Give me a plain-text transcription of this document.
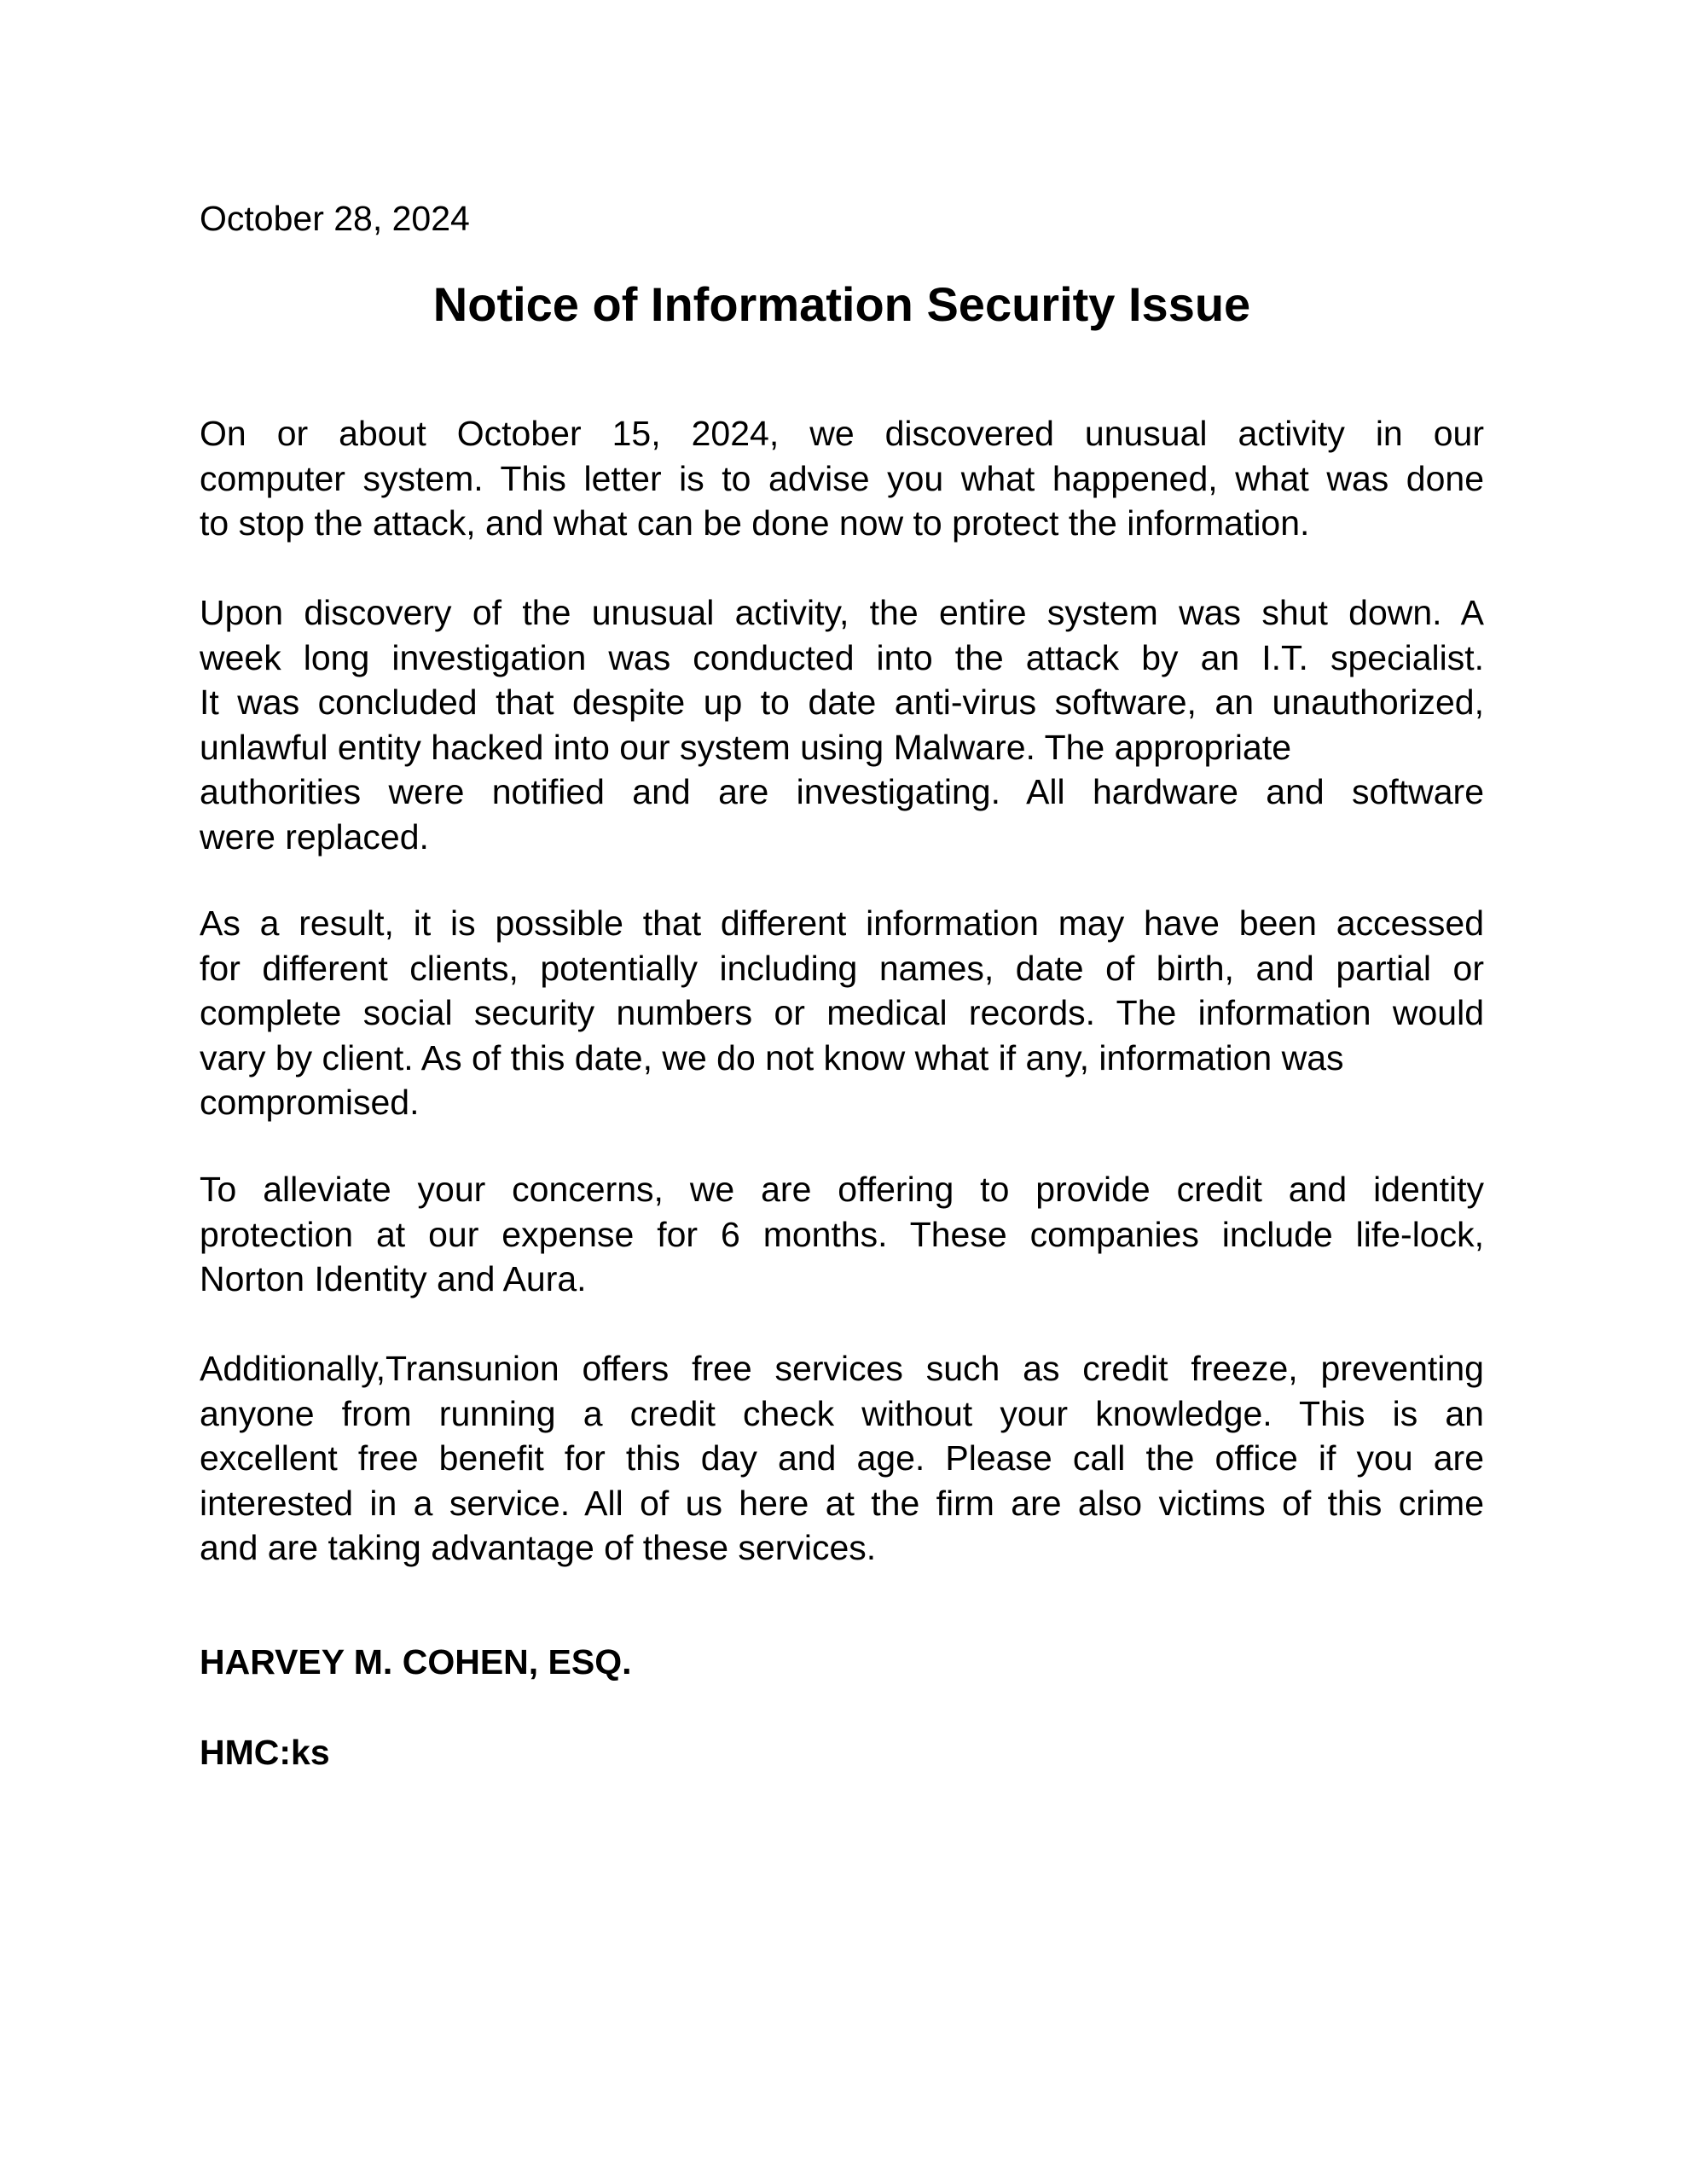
October 28, 2024
Notice of Information Security Issue
On or about October 15, 2024, we discovered unusual activity in our
computer system. This letter is to advise you what happened, what was done
to stop the attack, and what can be done now to protect the information.
Upon discovery of the unusual activity, the entire system was shut down. A
week long investigation was conducted into the attack by an I.T. specialist.
It was concluded that despite up to date anti-virus software, an unauthorized,
unlawful entity hacked into our system using Malware. The appropriate
authorities were notified and are investigating. All hardware and software
were replaced.
As a result, it is possible that different information may have been accessed
for different clients, potentially including names, date of birth, and partial or
complete social security numbers or medical records. The information would
vary by client. As of this date, we do not know what if any, information was
compromised.
To alleviate your concerns, we are offering to provide credit and identity
protection at our expense for 6 months. These companies include life-lock,
Norton Identity and Aura.
Additionally,Transunion offers free services such as credit freeze, preventing
anyone from running a credit check without your knowledge. This is an
excellent free benefit for this day and age. Please call the office if you are
interested in a service. All of us here at the firm are also victims of this crime
and are taking advantage of these services.
HARVEY M. COHEN, ESQ.
HMC:ks
